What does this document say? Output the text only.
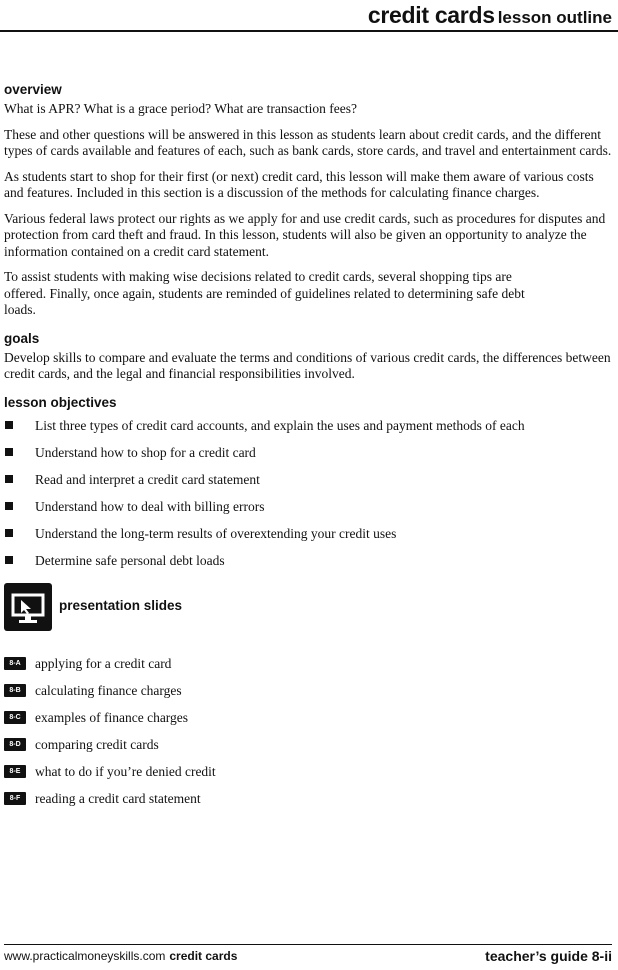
credit cards lesson outline
overview

What is APR? What is a grace period? What are transaction fees?

These and other questions will be answered in this lesson as students learn about credit cards, and the different types of cards available and features of each, such as bank cards, store cards, and travel and entertainment cards.

As students start to shop for their first (or next) credit card, this lesson will make them aware of various costs and features. Included in this section is a discussion of the methods for calculating finance charges.

Various federal laws protect our rights as we apply for and use credit cards, such as procedures for disputes and protection from card theft and fraud. In this lesson, students will also be given an opportunity to analyze the information contained on a credit card statement.

To assist students with making wise decisions related to credit cards, several shopping tips are offered. Finally, once again, students are reminded of guidelines related to determining safe debt loads.

goals

Develop skills to compare and evaluate the terms and conditions of various credit cards, the differences between credit cards, and the legal and financial responsibilities involved.

lesson objectives
List three types of credit card accounts, and explain the uses and payment methods of each
Understand how to shop for a credit card
Read and interpret a credit card statement
Understand how to deal with billing errors
Understand the long-term results of overextending your credit uses
Determine safe personal debt loads
presentation slides
8-A	applying for a credit card
8-B	calculating finance charges
8-C	examples of finance charges
8-D	comparing credit cards
8-E	what to do if you’re denied credit
8-F	reading a credit card statement
www.practicalmoneyskills.com credit cards	teacher’s guide 8-ii
